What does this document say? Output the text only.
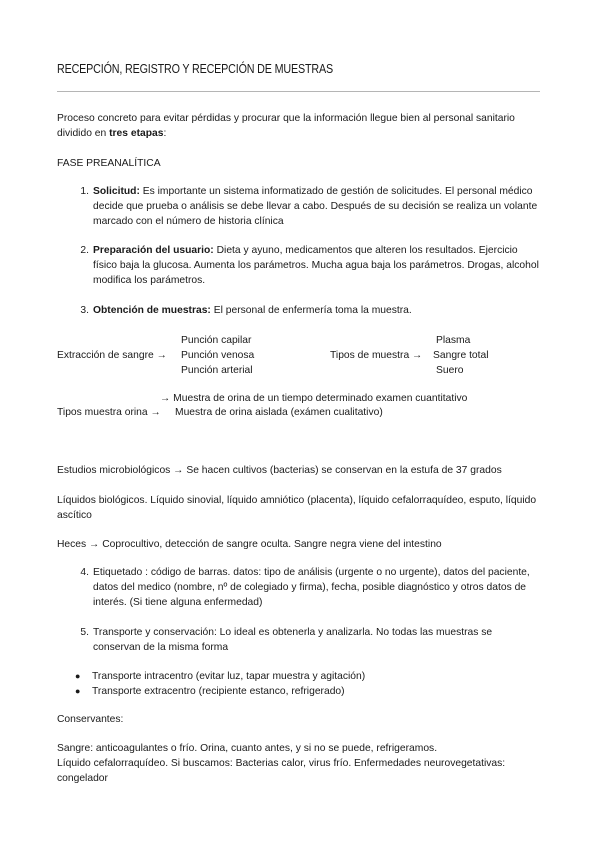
RECEPCIÓN, REGISTRO Y RECEPCIÓN DE MUESTRAS
Proceso concreto para evitar pérdidas y procurar que la información llegue bien al personal sanitario dividido en tres etapas:
FASE PREANALÍTICA
1. Solicitud: Es importante un sistema informatizado de gestión de solicitudes. El personal médico decide que prueba o análisis se debe llevar a cabo. Después de su decisión se realiza un volante marcado con el número de historia clínica
2. Preparación del usuario: Dieta y ayuno, medicamentos que alteren los resultados. Ejercicio físico baja la glucosa. Aumenta los parámetros. Mucha agua baja los parámetros. Drogas, alcohol modifica los parámetros.
3. Obtención de muestras: El personal de enfermería toma la muestra.
Punción capilar
Extracción de sangre → Punción venosa
Punción arterial
Plasma
Tipos de muestra → Sangre total
Suero
→ Muestra de orina de un tiempo determinado examen cuantitativo
Tipos muestra orina → Muestra de orina aislada (exámen cualitativo)
Estudios microbiológicos → Se hacen cultivos (bacterias) se conservan en la estufa de 37 grados
Líquidos biológicos. Líquido sinovial, líquido amniótico (placenta), líquido cefalorraquídeo, esputo, líquido ascítico
Heces → Coprocultivo, detección de sangre oculta. Sangre negra viene del intestino
4. Etiquetado : código de barras. datos: tipo de análisis (urgente o no urgente), datos del paciente, datos del medico (nombre, nº de colegiado y firma), fecha, posible diagnóstico y otros datos de interés. (Si tiene alguna enfermedad)
5. Transporte y conservación: Lo ideal es obtenerla y analizarla. No todas las muestras se conservan de la misma forma
● Transporte intracentro (evitar luz, tapar muestra y agitación)
● Transporte extracentro (recipiente estanco, refrigerado)
Conservantes:
Sangre: anticoagulantes o frío. Orina, cuanto antes, y si no se puede, refrigeramos.
Líquido cefalorraquídeo. Si buscamos: Bacterias calor, virus frío. Enfermedades neurovegetativas: congelador
